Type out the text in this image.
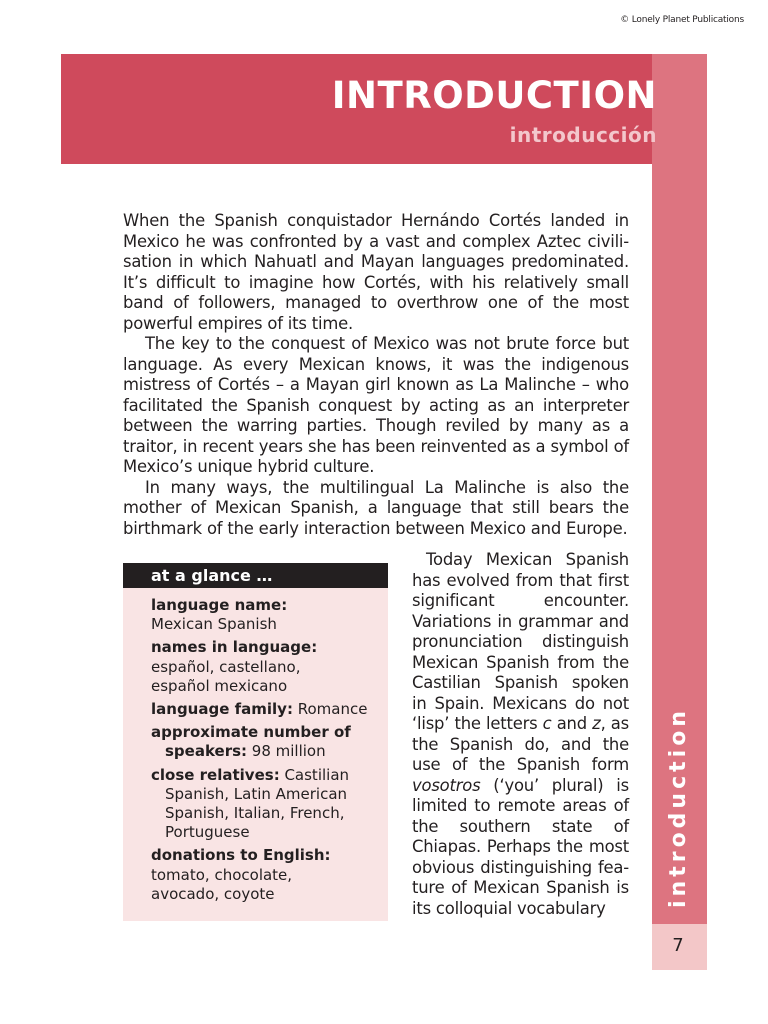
© Lonely Planet Publications
INTRODUCTION
introducción
introduction
7

When the Spanish conquistador Hernándo Cortés landed in Mexico he was confronted by a vast and complex Aztec civili-sation in which Nahuatl and Mayan languages predominated. It’s difficult to imagine how Cortés, with his relatively small band of followers, managed to overthrow one of the most powerful empires of its time.

The key to the conquest of Mexico was not brute force but language. As every Mexican knows, it was the indigenous mistress of Cortés – a Mayan girl known as La Malinche – who facilitated the Spanish conquest by acting as an interpreter between the warring parties. Though reviled by many as a traitor, in recent years she has been reinvented as a symbol of Mexico’s unique hybrid culture.

In many ways, the multilingual La Malinche is also the mother of Mexican Spanish, a language that still bears the birthmark of the early interaction between Mexico and Europe.

at a glance …
language name:
Mexican Spanish
names in language:
español, castellano,
español mexicano
language family: Romance
approximate number of speakers: 98 million
close relatives: Castilian Spanish, Latin American Spanish, Italian, French, Portuguese
donations to English:
tomato, chocolate,
avocado, coyote

Today Mexican Spanish has evolved from that first significant encounter. Variations in grammar and pronunciation distinguish Mexican Spanish from the Castilian Spanish spoken in Spain. Mexicans do not ‘lisp’ the letters c and z, as the Spanish do, and the use of the Spanish form vosotros (‘you’ plural) is limited to remote areas of the southern state of Chiapas. Perhaps the most obvious distinguishing fea-ture of Mexican Spanish is its colloquial vocabulary
